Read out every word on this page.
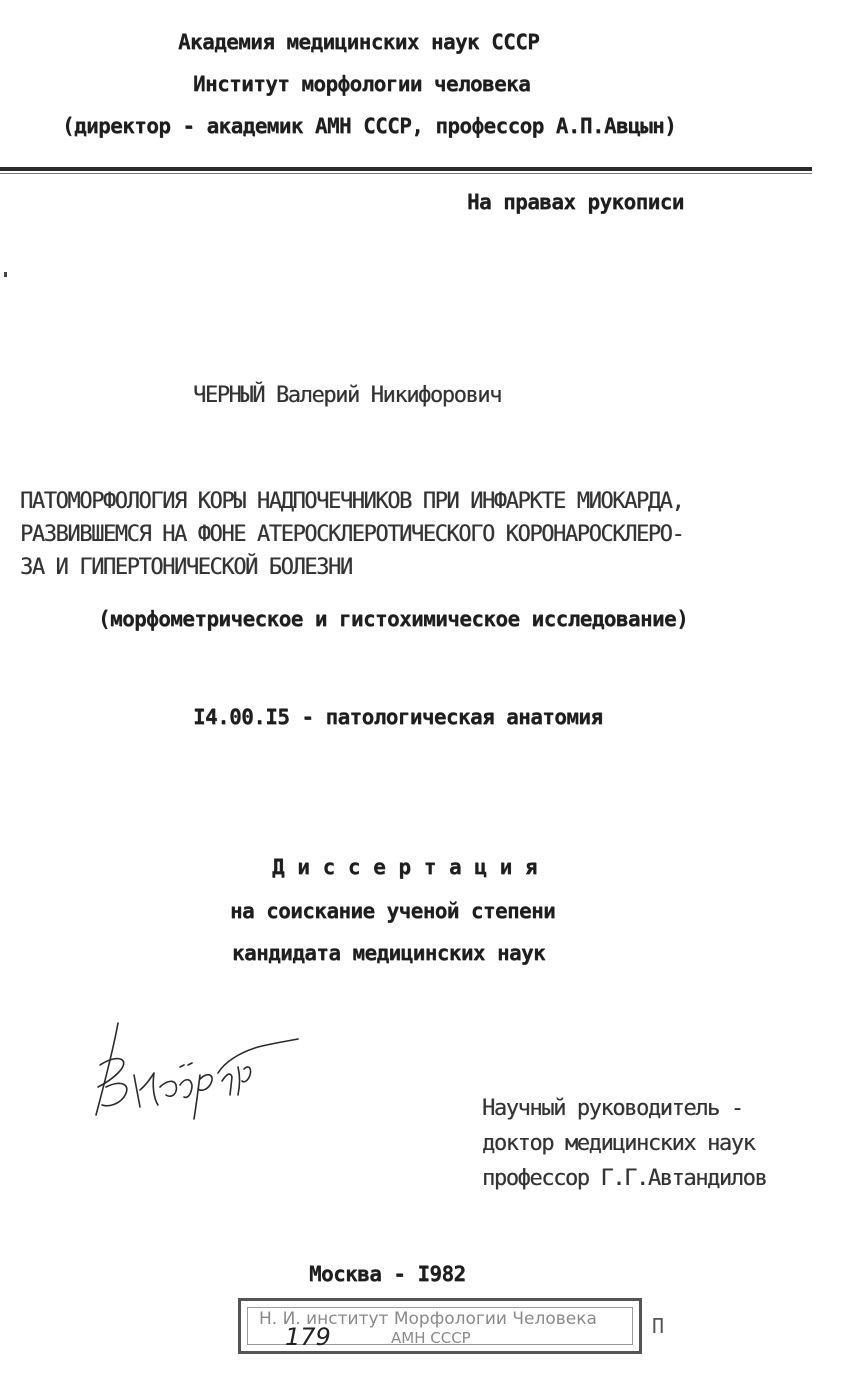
Академия медицинских наук СССР
Институт морфологии человека
(директор - академик АМН СССР, профессор А.П.Авцын)
На правах рукописи
ЧЕРНЫЙ Валерий Никифорович
ПАТОМОРФОЛОГИЯ КОРЫ НАДПОЧЕЧНИКОВ ПРИ ИНФАРКТЕ МИОКАРДА,
РАЗВИВШЕМСЯ НА ФОНЕ АТЕРОСКЛЕРОТИЧЕСКОГО КОРОНАРОСКЛЕРО-
ЗА И ГИПЕРТОНИЧЕСКОЙ БОЛЕЗНИ
(морфометрическое и гистохимическое исследование)
I4.00.I5 - патологическая анатомия
Д и с с е р т а ц и я
на соискание ученой степени
кандидата медицинских наук
Научный руководитель -
доктор медицинских наук
профессор Г.Г.Автандилов
Москва - I982
Н. И. институт Морфологии Человека
АМН СССР
179	П
